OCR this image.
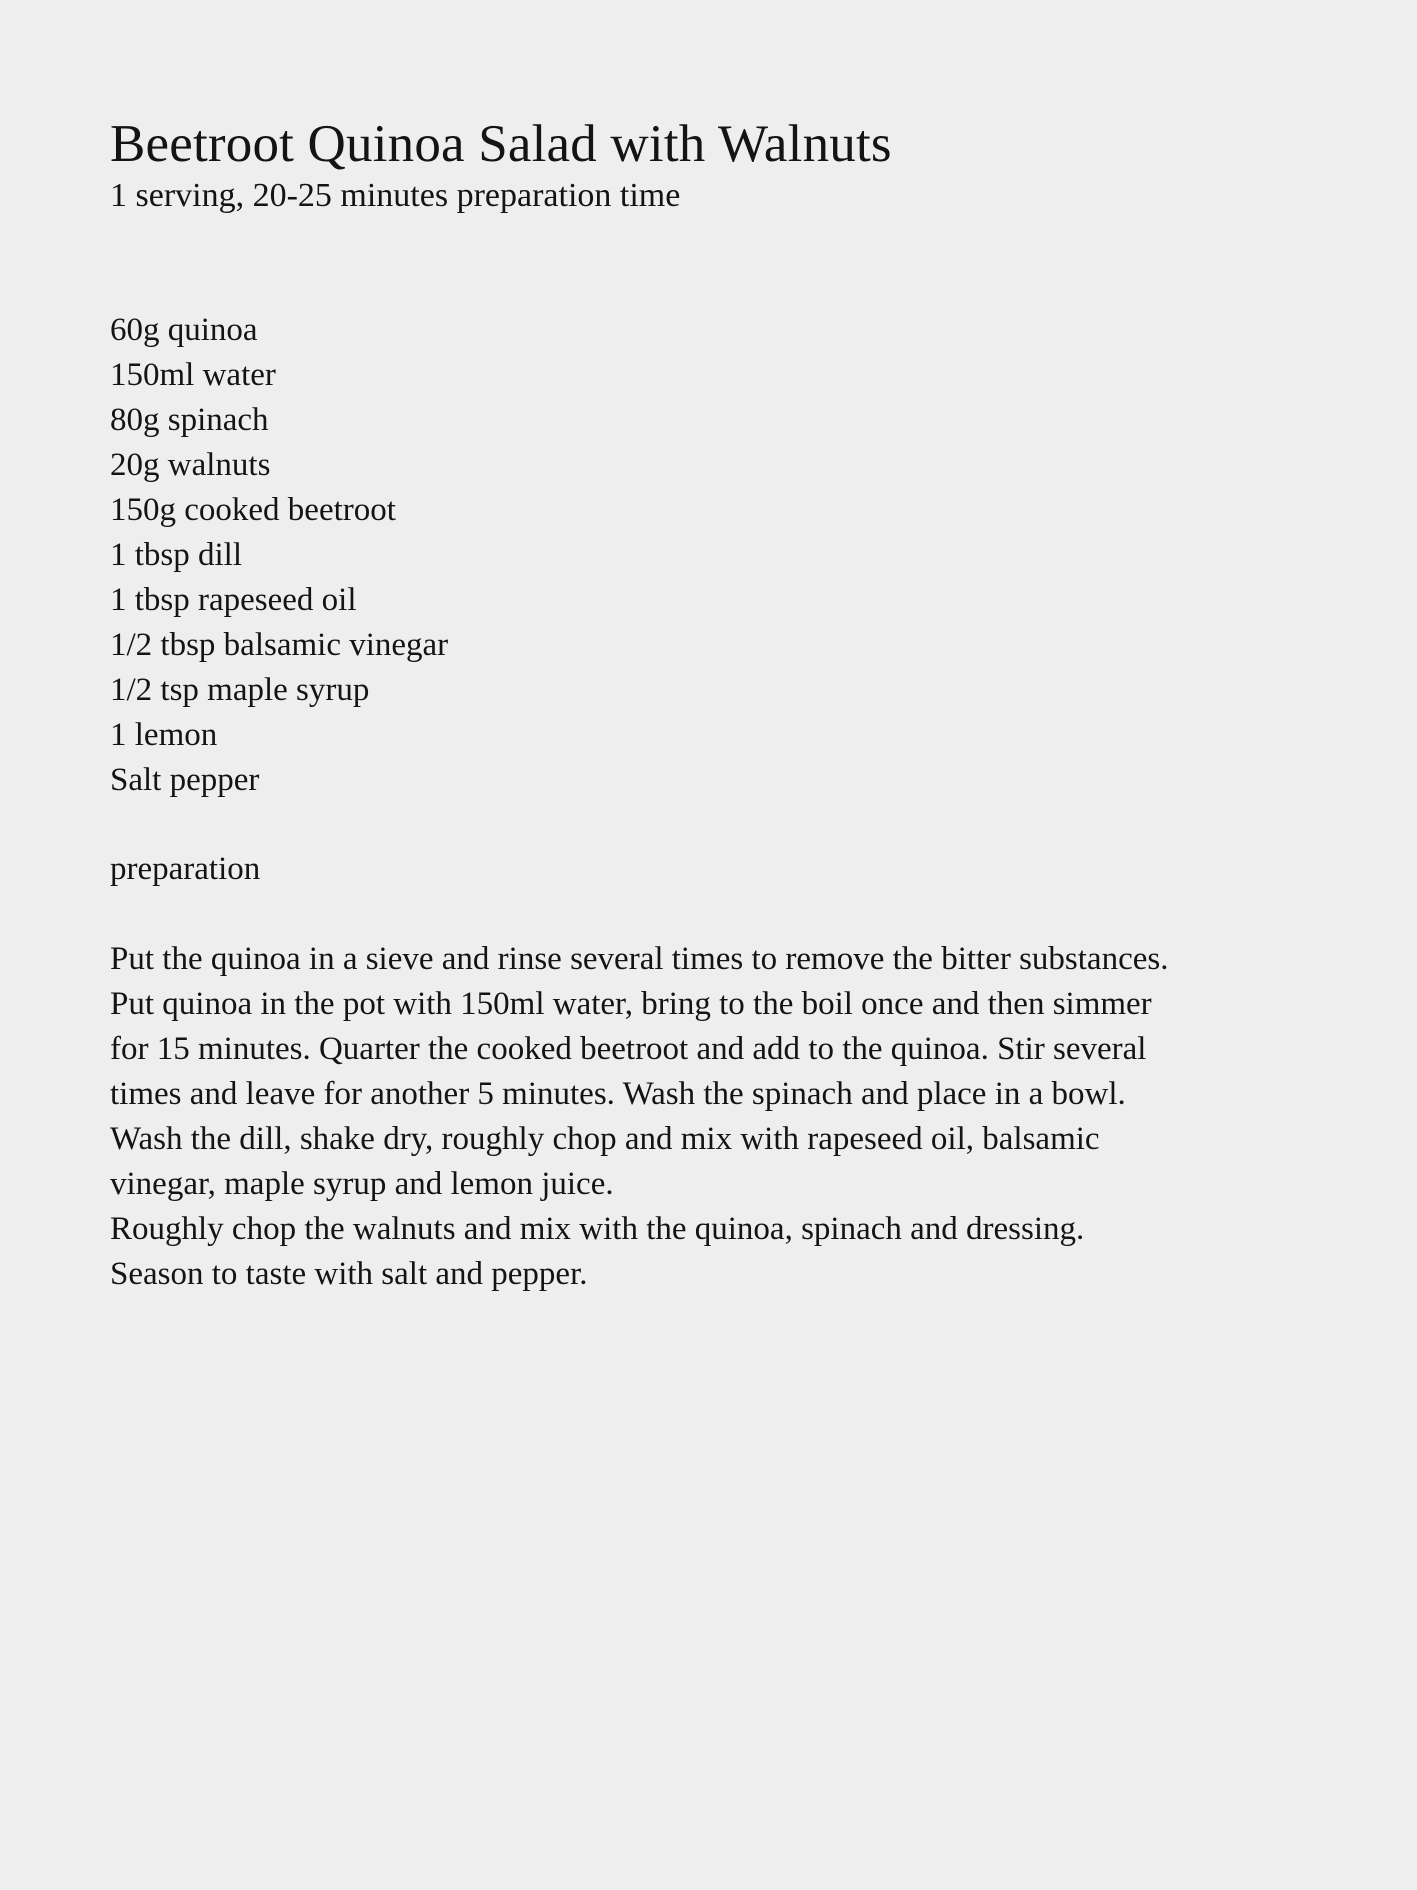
Beetroot Quinoa Salad with Walnuts

1 serving, 20-25 minutes preparation time

60g quinoa
150ml water
80g spinach
20g walnuts
150g cooked beetroot
1 tbsp dill
1 tbsp rapeseed oil
1/2 tbsp balsamic vinegar
1/2 tsp maple syrup
1 lemon
Salt pepper
preparation

Put the quinoa in a sieve and rinse several times to remove the bitter substances.

Put quinoa in the pot with 150ml water, bring to the boil once and then simmer

for 15 minutes. Quarter the cooked beetroot and add to the quinoa. Stir several

times and leave for another 5 minutes. Wash the spinach and place in a bowl.

Wash the dill, shake dry, roughly chop and mix with rapeseed oil, balsamic

vinegar, maple syrup and lemon juice.

Roughly chop the walnuts and mix with the quinoa, spinach and dressing.

Season to taste with salt and pepper.
